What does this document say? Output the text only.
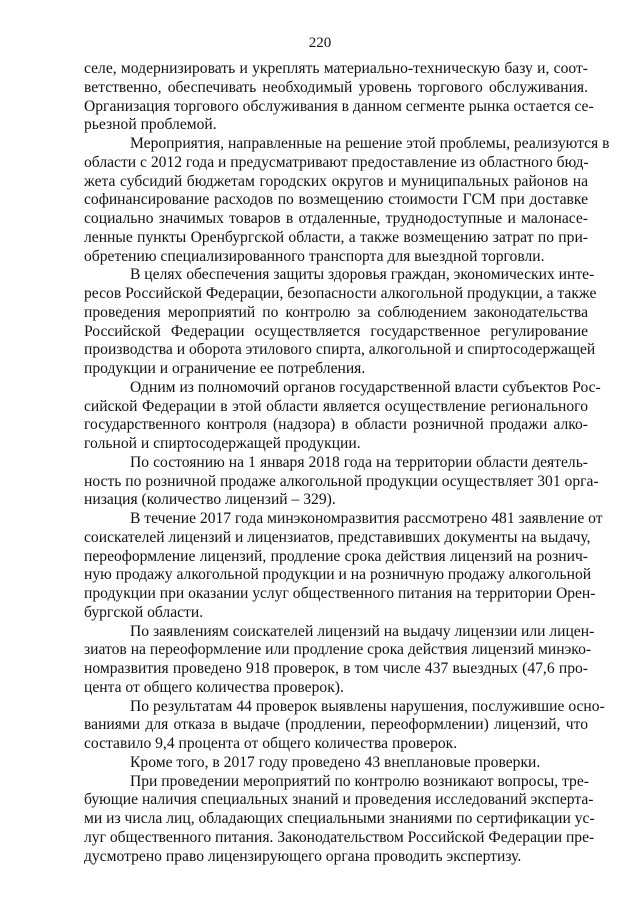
220
селе, модернизировать и укреплять материально-техническую базу и, соот-
ветственно, обеспечивать необходимый уровень торгового обслуживания.
Организация торгового обслуживания в данном сегменте рынка остается се-
рьезной проблемой.
Мероприятия, направленные на решение этой проблемы, реализуются в
области с 2012 года и предусматривают предоставление из областного бюд-
жета субсидий бюджетам городских округов и муниципальных районов на
софинансирование расходов по возмещению стоимости ГСМ при доставке
социально значимых товаров в отдаленные, труднодоступные и малонасе-
ленные пункты Оренбургской области, а также возмещению затрат по при-
обретению специализированного транспорта для выездной торговли.
В целях обеспечения защиты здоровья граждан, экономических инте-
ресов Российской Федерации, безопасности алкогольной продукции, а также
проведения мероприятий по контролю за соблюдением законодательства
Российской Федерации осуществляется государственное регулирование
производства и оборота этилового спирта, алкогольной и спиртосодержащей
продукции и ограничение ее потребления.
Одним из полномочий органов государственной власти субъектов Рос-
сийской Федерации в этой области является осуществление регионального
государственного контроля (надзора) в области розничной продажи алко-
гольной и спиртосодержащей продукции.
По состоянию на 1 января 2018 года на территории области деятель-
ность по розничной продаже алкогольной продукции осуществляет 301 орга-
низация (количество лицензий – 329).
В течение 2017 года минэкономразвития рассмотрено 481 заявление от
соискателей лицензий и лицензиатов, представивших документы на выдачу,
переоформление лицензий, продление срока действия лицензий на рознич-
ную продажу алкогольной продукции и на розничную продажу алкогольной
продукции при оказании услуг общественного питания на территории Орен-
бургской области.
По заявлениям соискателей лицензий на выдачу лицензии или лицен-
зиатов на переоформление или продление срока действия лицензий минэко-
номразвития проведено 918 проверок, в том числе 437 выездных (47,6 про-
цента от общего количества проверок).
По результатам 44 проверок выявлены нарушения, послужившие осно-
ваниями для отказа в выдаче (продлении, переоформлении) лицензий, что
составило 9,4 процента от общего количества проверок.
Кроме того, в 2017 году проведено 43 внеплановые проверки.
При проведении мероприятий по контролю возникают вопросы, тре-
бующие наличия специальных знаний и проведения исследований эксперта-
ми из числа лиц, обладающих специальными знаниями по сертификации ус-
луг общественного питания. Законодательством Российской Федерации пре-
дусмотрено право лицензирующего органа проводить экспертизу.
